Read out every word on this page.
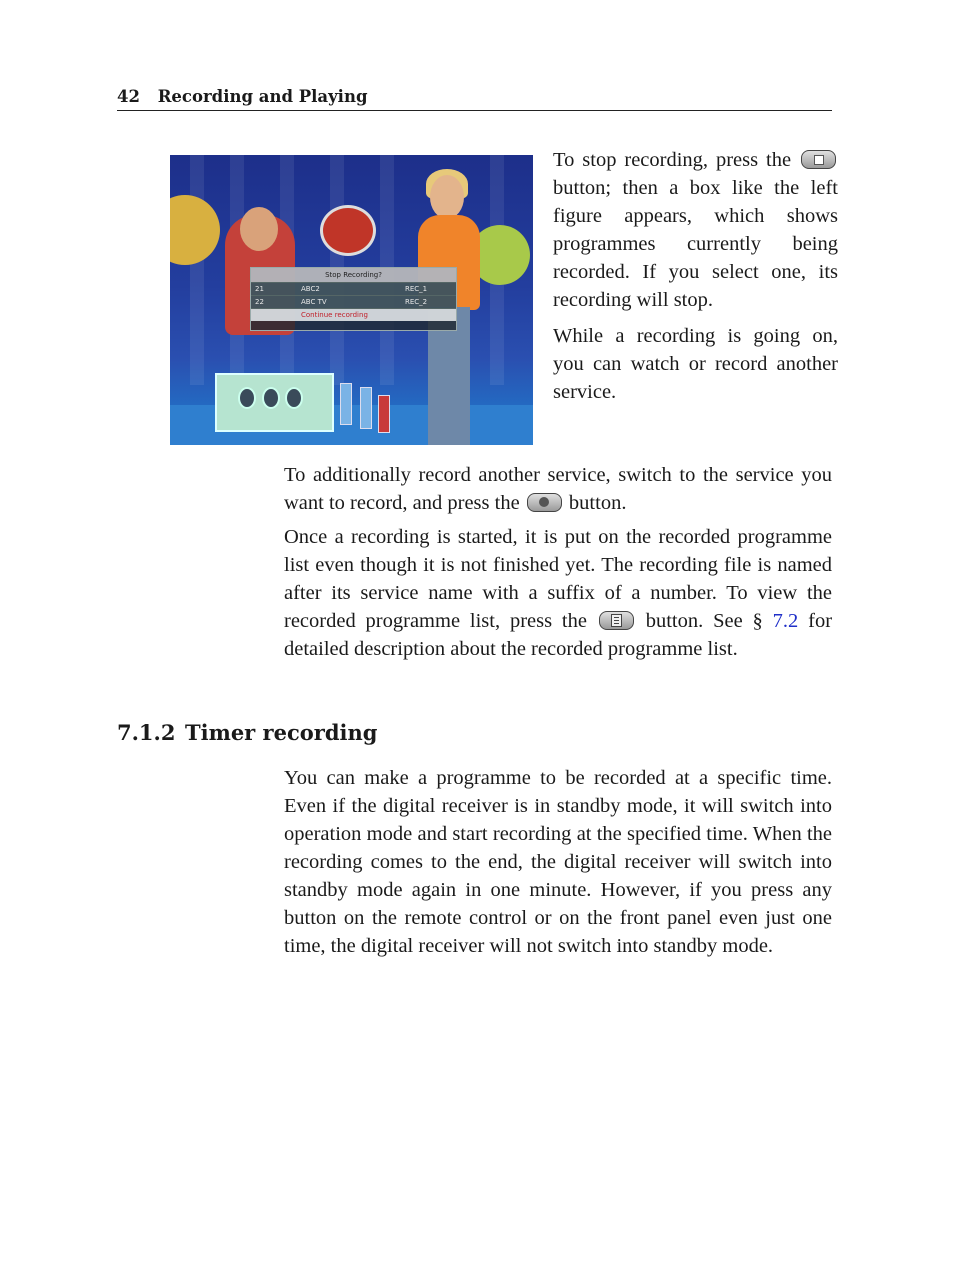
42 Recording and Playing
Stop Recording?
21	ABC2	REC_1
22	ABC TV	REC_2
Continue recording

To stop recording, press the
button; then a box like the left figure appears, which shows programmes currently being recorded. If you select one, its recording will stop.

While a recording is going on, you can watch or record another service.

To additionally record another service, switch to the service you want to record, and press the button.

Once a recording is started, it is put on the recorded programme list even though it is not finished yet. The recording file is named after its service name with a suffix of a number. To view the recorded programme list, press the	button. See § 7.2 for detailed description about the recorded programme list.

7.1.2 Timer recording

You can make a programme to be recorded at a specific time. Even if the digital receiver is in standby mode, it will switch into operation mode and start recording at the specified time. When the recording comes to the end, the digital receiver will switch into standby mode again in one minute. However, if you press any button on the remote control or on the front panel even just one time, the digital receiver will not switch into standby mode.
